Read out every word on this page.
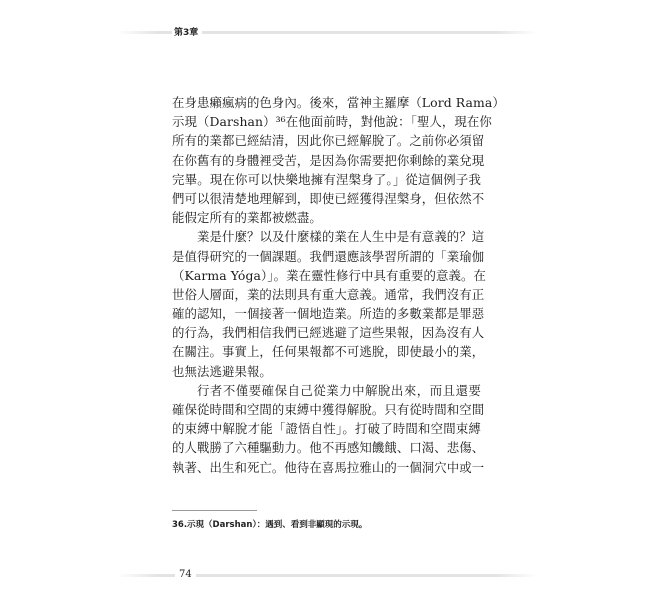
第3章
在身患癩瘋病的色身內。後來，當神主羅摩（Lord Rama）
示現（Darshan）³⁶在他面前時，對他說：「聖人，現在你
所有的業都已經結清，因此你已經解脫了。之前你必須留
在你舊有的身體裡受苦，是因為你需要把你剩餘的業兌現
完畢。現在你可以快樂地擁有涅槃身了。」從這個例子我
們可以很清楚地理解到，即使已經獲得涅槃身，但依然不
能假定所有的業都被燃盡。
業是什麼？以及什麼樣的業在人生中是有意義的？這
是值得研究的一個課題。我們還應該學習所謂的「業瑜伽
（Karma Yóga）」。業在靈性修行中具有重要的意義。在
世俗人層面，業的法則具有重大意義。通常，我們沒有正
確的認知，一個接著一個地造業。所造的多數業都是罪惡
的行為，我們相信我們已經逃避了這些果報，因為沒有人
在關注。事實上，任何果報都不可逃脫，即使最小的業，
也無法逃避果報。
行者不僅要確保自己從業力中解脫出來，而且還要
確保從時間和空間的束縛中獲得解脫。只有從時間和空間
的束縛中解脫才能「證悟自性」。打破了時間和空間束縛
的人戰勝了六種驅動力。他不再感知饑餓、口渴、悲傷、
執著、出生和死亡。他待在喜馬拉雅山的一個洞穴中或一
36.示現（Darshan）：遇到、看到非顯現的示現。
74
